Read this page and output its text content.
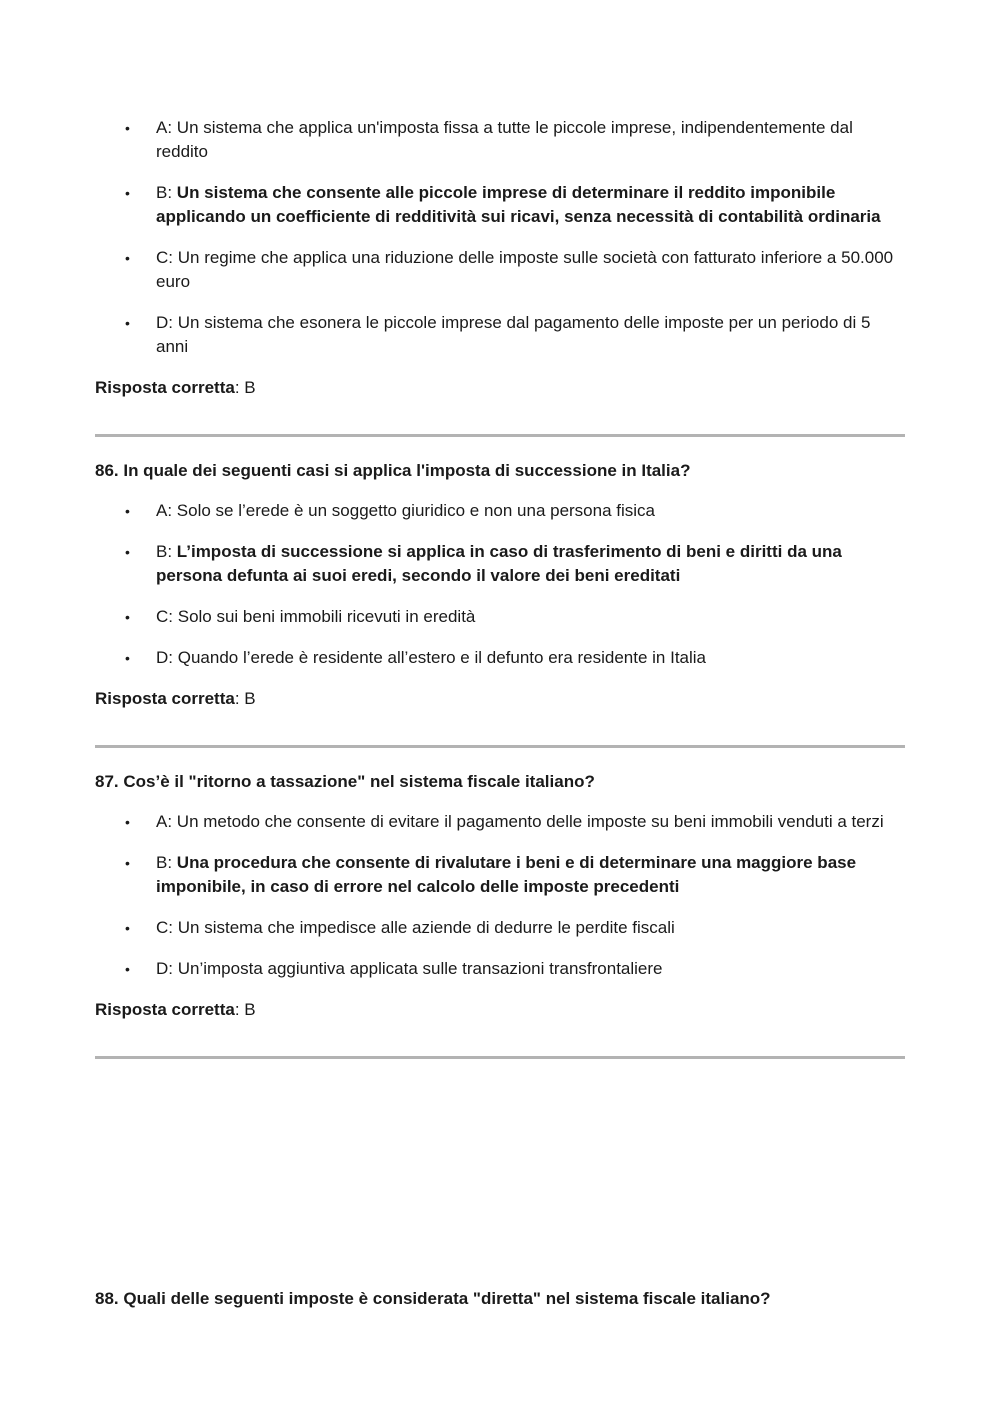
• A: Un sistema che applica un'imposta fissa a tutte le piccole imprese, indipendentemente dal reddito
• B: Un sistema che consente alle piccole imprese di determinare il reddito imponibile applicando un coefficiente di redditività sui ricavi, senza necessità di contabilità ordinaria
• C: Un regime che applica una riduzione delle imposte sulle società con fatturato inferiore a 50.000 euro
• D: Un sistema che esonera le piccole imprese dal pagamento delle imposte per un periodo di 5 anni

Risposta corretta: B

86. In quale dei seguenti casi si applica l'imposta di successione in Italia?

• A: Solo se l’erede è un soggetto giuridico e non una persona fisica
• B: L’imposta di successione si applica in caso di trasferimento di beni e diritti da una persona defunta ai suoi eredi, secondo il valore dei beni ereditati
• C: Solo sui beni immobili ricevuti in eredità
• D: Quando l’erede è residente all’estero e il defunto era residente in Italia

Risposta corretta: B

87. Cos’è il "ritorno a tassazione" nel sistema fiscale italiano?

• A: Un metodo che consente di evitare il pagamento delle imposte su beni immobili venduti a terzi
• B: Una procedura che consente di rivalutare i beni e di determinare una maggiore base imponibile, in caso di errore nel calcolo delle imposte precedenti
• C: Un sistema che impedisce alle aziende di dedurre le perdite fiscali
• D: Un’imposta aggiuntiva applicata sulle transazioni transfrontaliere

Risposta corretta: B

88. Quali delle seguenti imposte è considerata "diretta" nel sistema fiscale italiano?
